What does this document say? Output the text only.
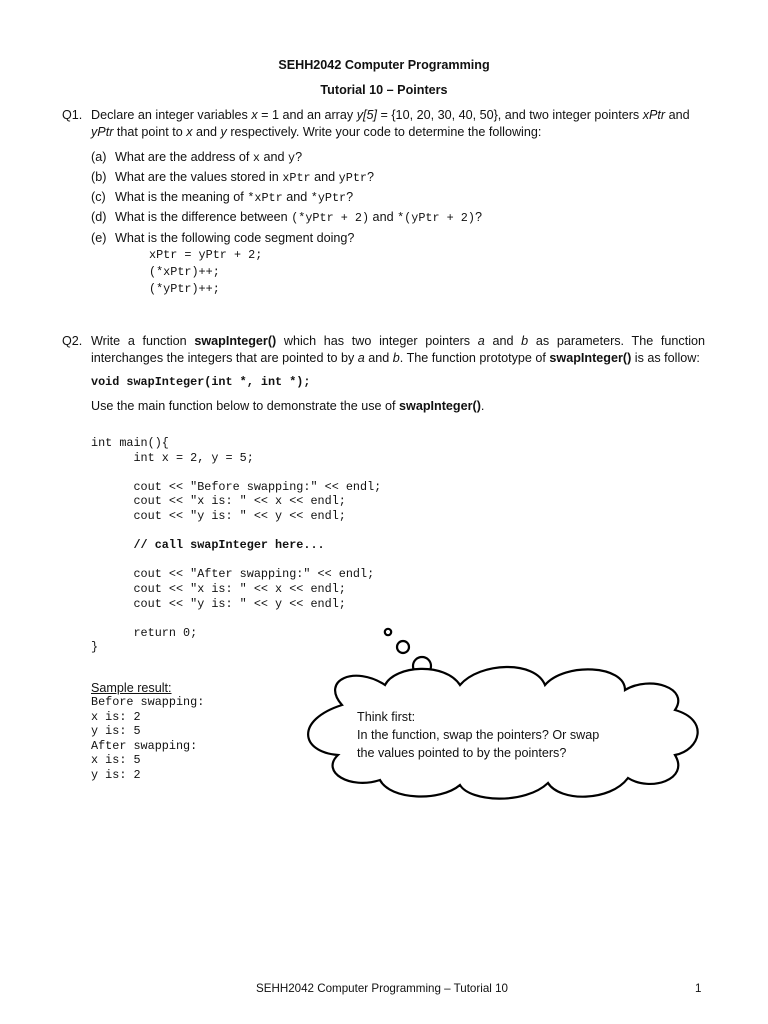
SEHH2042 Computer Programming
Tutorial 10 – Pointers
Q1. Declare an integer variables x = 1 and an array y[5] = {10, 20, 30, 40, 50}, and two integer pointers xPtr and
yPtr that point to x and y respectively. Write your code to determine the following:
(a) What are the address of x and y?
(b) What are the values stored in xPtr and yPtr?
(c) What is the meaning of *xPtr and *yPtr?
(d) What is the difference between (*yPtr + 2) and *(yPtr + 2)?
(e) What is the following code segment doing?
xPtr = yPtr + 2;
(*xPtr)++;
(*yPtr)++;
Q2. Write a function swapInteger() which has two integer pointers a and b as parameters. The function
interchanges the integers that are pointed to by a and b. The function prototype of swapInteger() is as follow:
void swapInteger(int *, int *);
Use the main function below to demonstrate the use of swapInteger().
int main(){
int x = 2, y = 5;
cout << "Before swapping:" << endl;
cout << "x is: " << x << endl;
cout << "y is: " << y << endl;
// call swapInteger here...
cout << "After swapping:" << endl;
cout << "x is: " << x << endl;
cout << "y is: " << y << endl;
return 0;
}
Sample result:
Before swapping:
x is: 2
y is: 5
After swapping:
x is: 5
y is: 2
Think first:
In the function, swap the pointers? Or swap
the values pointed to by the pointers?
SEHH2042 Computer Programming – Tutorial 10	1
